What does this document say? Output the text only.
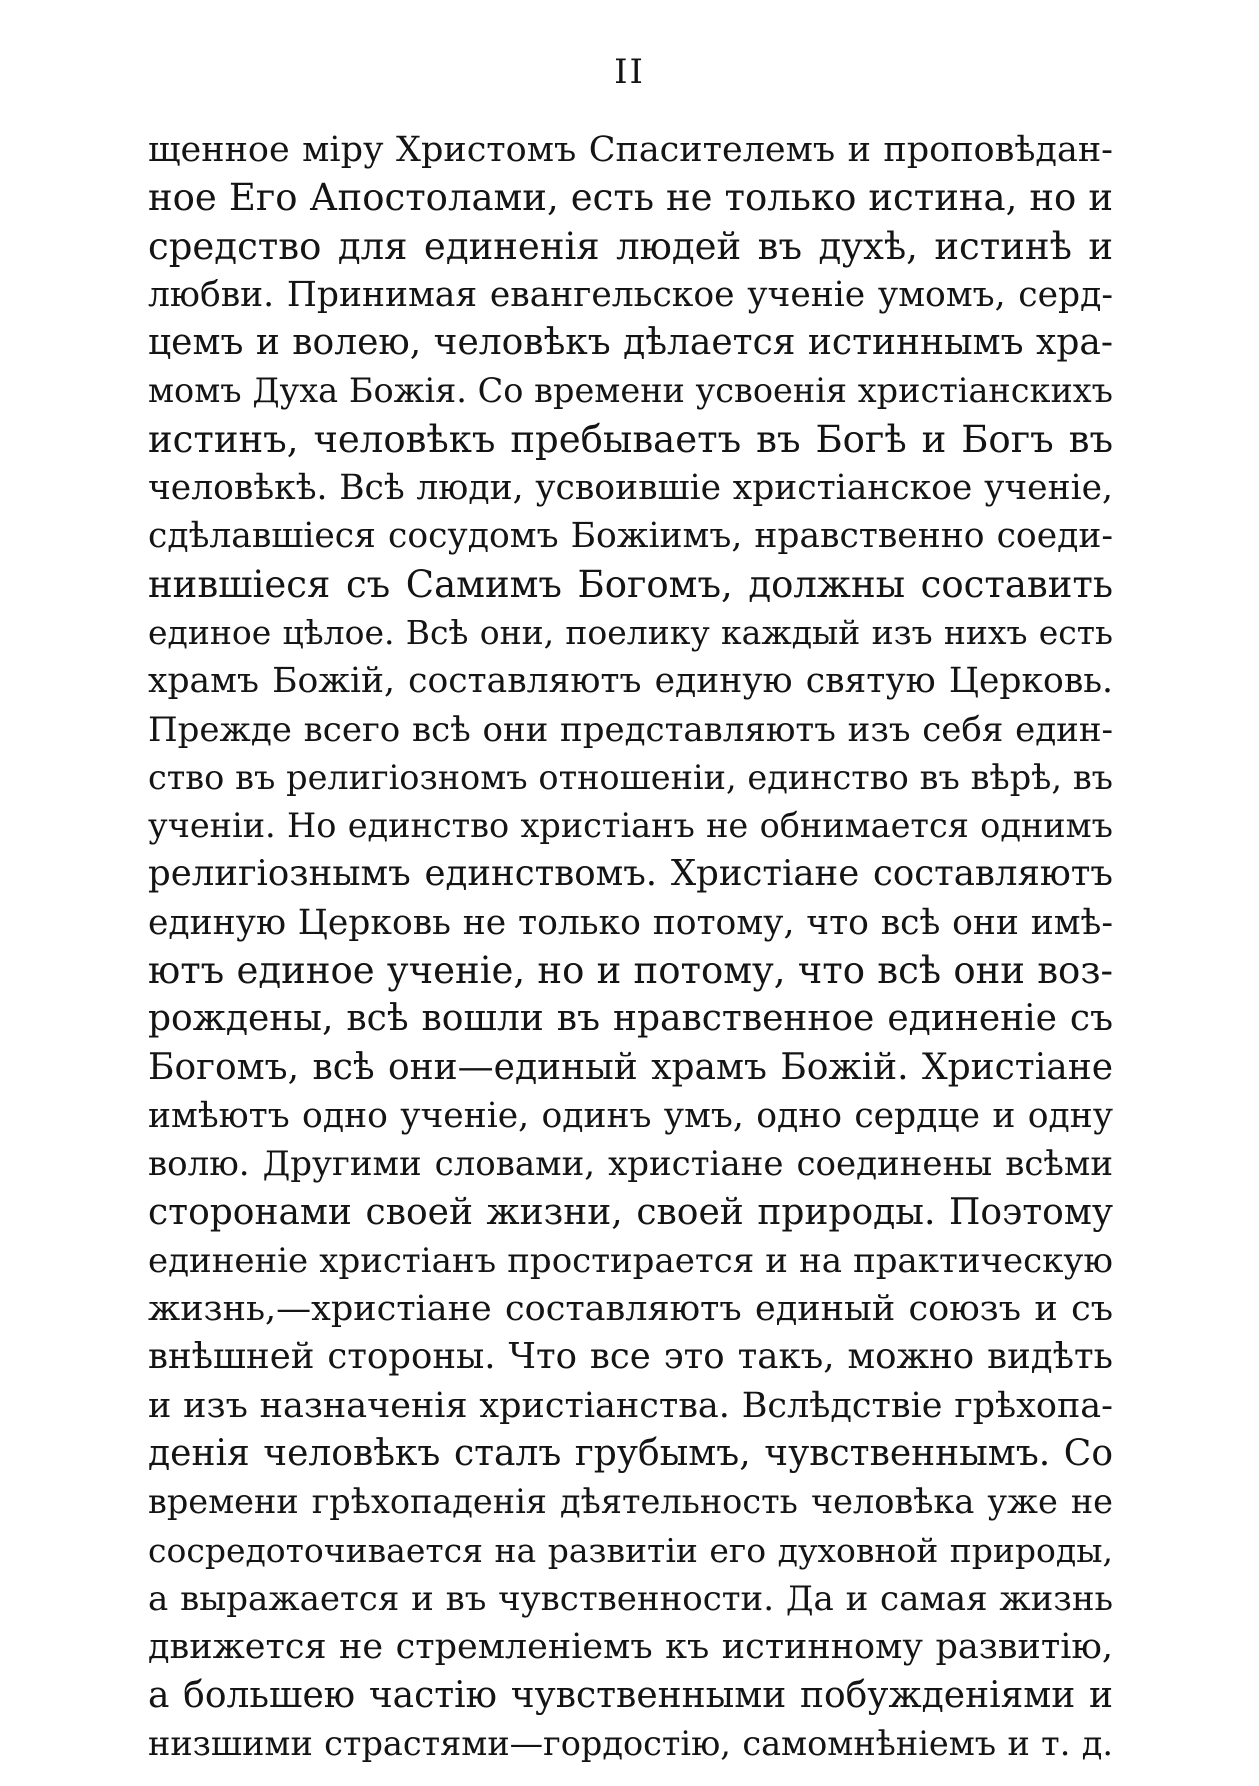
II
щенное міру Христомъ Спасителемъ и проповѣдан-
ное Его Апостолами, есть не только истина, но и
средство для единенія людей въ духѣ, истинѣ и
любви. Принимая евангельское ученіе умомъ, серд-
цемъ и волею, человѣкъ дѣлается истиннымъ хра-
момъ Духа Божія. Со времени усвоенія христіанскихъ
истинъ, человѣкъ пребываетъ въ Богѣ и Богъ въ
человѣкѣ. Всѣ люди, усвоившіе христіанское ученіе,
сдѣлавшіеся сосудомъ Божіимъ, нравственно соеди-
нившіеся съ Самимъ Богомъ, должны составить
единое цѣлое. Всѣ они, поелику каждый изъ нихъ есть
храмъ Божій, составляютъ единую святую Церковь.
Прежде всего всѣ они представляютъ изъ себя един-
ство въ религіозномъ отношеніи, единство въ вѣрѣ, въ
ученіи. Но единство христіанъ не обнимается однимъ
религіознымъ единствомъ. Христіане составляютъ
единую Церковь не только потому, что всѣ они имѣ-
ютъ единое ученіе, но и потому, что всѣ они воз-
рождены, всѣ вошли въ нравственное единеніе съ
Богомъ, всѣ они—единый храмъ Божій. Христіане
имѣютъ одно ученіе, одинъ умъ, одно сердце и одну
волю. Другими словами, христіане соединены всѣми
сторонами своей жизни, своей природы. Поэтому
единеніе христіанъ простирается и на практическую
жизнь,—христіане составляютъ единый союзъ и съ
внѣшней стороны. Что все это такъ, можно видѣть
и изъ назначенія христіанства. Вслѣдствіе грѣхопа-
денія человѣкъ сталъ грубымъ, чувственнымъ. Со
времени грѣхопаденія дѣятельность человѣка уже не
сосредоточивается на развитіи его духовной природы,
а выражается и въ чувственности. Да и самая жизнь
движется не стремленіемъ къ истинному развитію,
а большею частію чувственными побужденіями и
низшими страстями—гордостію, самомнѣніемъ и т. д.
